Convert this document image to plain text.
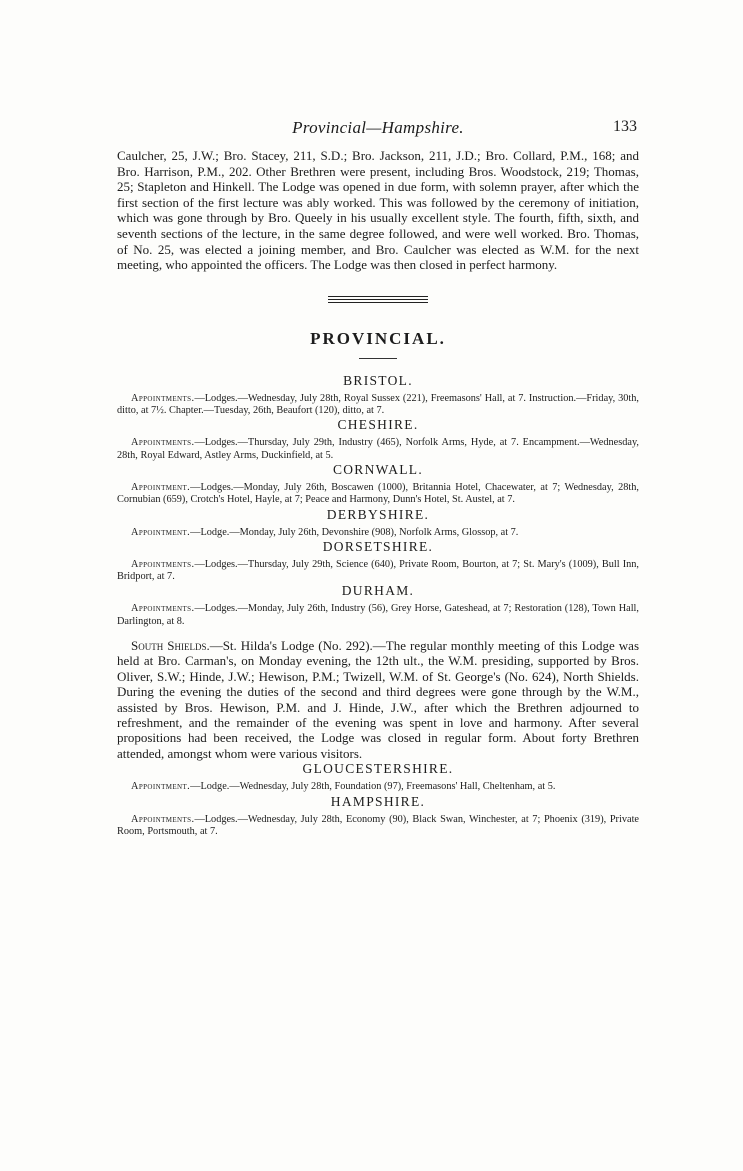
Provincial—Hampshire.	133

Caulcher, 25, J.W.; Bro. Stacey, 211, S.D.; Bro. Jackson, 211, J.D.; Bro. Collard, P.M., 168; and Bro. Harrison, P.M., 202. Other Brethren were present, including Bros. Woodstock, 219; Thomas, 25; Stapleton and Hinkell. The Lodge was opened in due form, with solemn prayer, after which the first section of the first lecture was ably worked. This was followed by the ceremony of initiation, which was gone through by Bro. Queely in his usually excellent style. The fourth, fifth, sixth, and seventh sections of the lecture, in the same degree followed, and were well worked. Bro. Thomas, of No. 25, was elected a joining member, and Bro. Caulcher was elected as W.M. for the next meeting, who appointed the officers. The Lodge was then closed in perfect harmony.

PROVINCIAL.
BRISTOL.

Appointments.—Lodges.—Wednesday, July 28th, Royal Sussex (221), Freemasons' Hall, at 7. Instruction.—Friday, 30th, ditto, at 7½. Chapter.—Tuesday, 26th, Beaufort (120), ditto, at 7.

CHESHIRE.

Appointments.—Lodges.—Thursday, July 29th, Industry (465), Norfolk Arms, Hyde, at 7. Encampment.—Wednesday, 28th, Royal Edward, Astley Arms, Duckinfield, at 5.

CORNWALL.

Appointment.—Lodges.—Monday, July 26th, Boscawen (1000), Britannia Hotel, Chacewater, at 7; Wednesday, 28th, Cornubian (659), Crotch's Hotel, Hayle, at 7; Peace and Harmony, Dunn's Hotel, St. Austel, at 7.

DERBYSHIRE.

Appointment.—Lodge.—Monday, July 26th, Devonshire (908), Norfolk Arms, Glossop, at 7.

DORSETSHIRE.

Appointments.—Lodges.—Thursday, July 29th, Science (640), Private Room, Bourton, at 7; St. Mary's (1009), Bull Inn, Bridport, at 7.

DURHAM.

Appointments.—Lodges.—Monday, July 26th, Industry (56), Grey Horse, Gateshead, at 7; Restoration (128), Town Hall, Darlington, at 8.

South Shields.—St. Hilda's Lodge (No. 292).—The regular monthly meeting of this Lodge was held at Bro. Carman's, on Monday evening, the 12th ult., the W.M. presiding, supported by Bros. Oliver, S.W.; Hinde, J.W.; Hewison, P.M.; Twizell, W.M. of St. George's (No. 624), North Shields. During the evening the duties of the second and third degrees were gone through by the W.M., assisted by Bros. Hewison, P.M. and J. Hinde, J.W., after which the Brethren adjourned to refreshment, and the remainder of the evening was spent in love and harmony. After several propositions had been received, the Lodge was closed in regular form. About forty Brethren attended, amongst whom were various visitors.

GLOUCESTERSHIRE.

Appointment.—Lodge.—Wednesday, July 28th, Foundation (97), Freemasons' Hall, Cheltenham, at 5.

HAMPSHIRE.

Appointments.—Lodges.—Wednesday, July 28th, Economy (90), Black Swan, Winchester, at 7; Phoenix (319), Private Room, Portsmouth, at 7.
